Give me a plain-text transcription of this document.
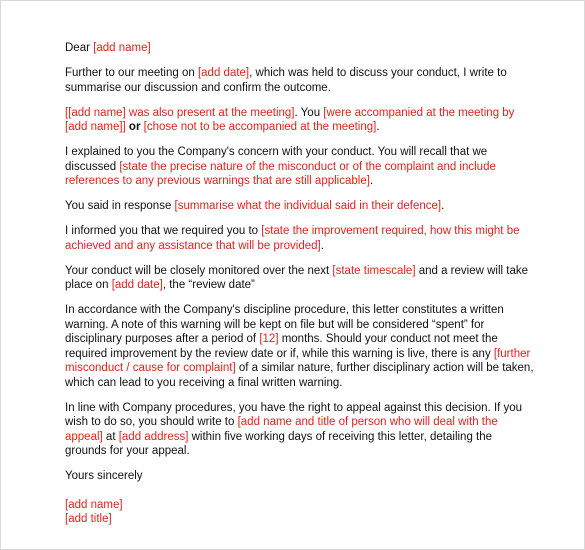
Dear [add name]

Further to our meeting on [add date], which was held to discuss your conduct, I write to summarise our discussion and confirm the outcome.

[[add name] was also present at the meeting]. You [were accompanied at the meeting by [add name]] or [chose not to be accompanied at the meeting].

I explained to you the Company's concern with your conduct. You will recall that we discussed [state the precise nature of the misconduct or of the complaint and include references to any previous warnings that are still applicable].

You said in response [summarise what the individual said in their defence].

I informed you that we required you to [state the improvement required, how this might be achieved and any assistance that will be provided].

Your conduct will be closely monitored over the next [state timescale] and a review will take place on [add date], the “review date”

In accordance with the Company's discipline procedure, this letter constitutes a written warning. A note of this warning will be kept on file but will be considered “spent” for disciplinary purposes after a period of [12] months. Should your conduct not meet the required improvement by the review date or if, while this warning is live, there is any [further misconduct / cause for complaint] of a similar nature, further disciplinary action will be taken, which can lead to you receiving a final written warning.

In line with Company procedures, you have the right to appeal against this decision. If you wish to do so, you should write to [add name and title of person who will deal with the appeal] at [add address] within five working days of receiving this letter, detailing the grounds for your appeal.

Yours sincerely

[add name]

[add title]
